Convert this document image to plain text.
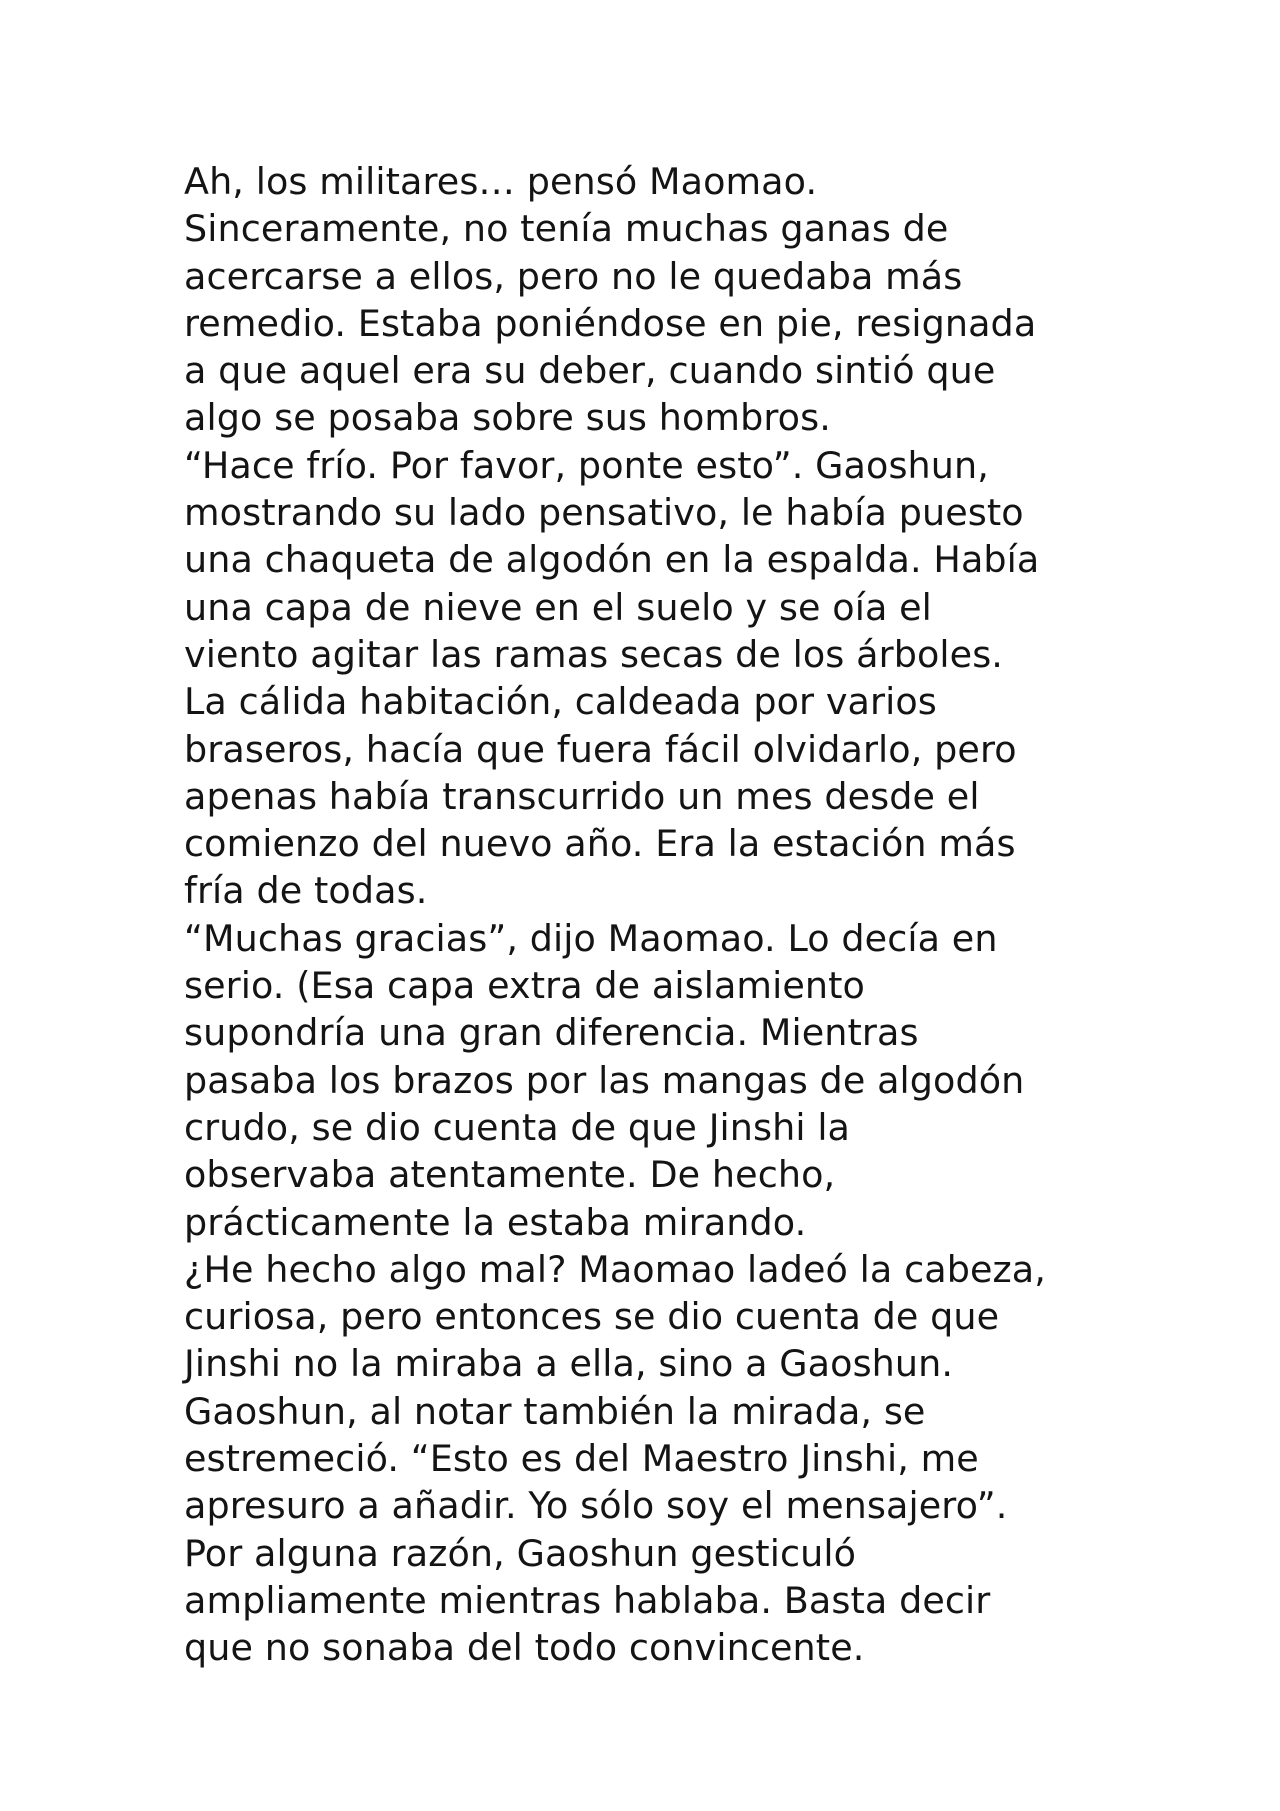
Ah, los militares… pensó Maomao.
Sinceramente, no tenía muchas ganas de
acercarse a ellos, pero no le quedaba más
remedio. Estaba poniéndose en pie, resignada
a que aquel era su deber, cuando sintió que
algo se posaba sobre sus hombros.
“Hace frío. Por favor, ponte esto”. Gaoshun,
mostrando su lado pensativo, le había puesto
una chaqueta de algodón en la espalda. Había
una capa de nieve en el suelo y se oía el
viento agitar las ramas secas de los árboles.
La cálida habitación, caldeada por varios
braseros, hacía que fuera fácil olvidarlo, pero
apenas había transcurrido un mes desde el
comienzo del nuevo año. Era la estación más
fría de todas.
“Muchas gracias”, dijo Maomao. Lo decía en
serio. (Esa capa extra de aislamiento
supondría una gran diferencia. Mientras
pasaba los brazos por las mangas de algodón
crudo, se dio cuenta de que Jinshi la
observaba atentamente. De hecho,
prácticamente la estaba mirando.
¿He hecho algo mal? Maomao ladeó la cabeza,
curiosa, pero entonces se dio cuenta de que
Jinshi no la miraba a ella, sino a Gaoshun.
Gaoshun, al notar también la mirada, se
estremeció. “Esto es del Maestro Jinshi, me
apresuro a añadir. Yo sólo soy el mensajero”.
Por alguna razón, Gaoshun gesticuló
ampliamente mientras hablaba. Basta decir
que no sonaba del todo convincente.
